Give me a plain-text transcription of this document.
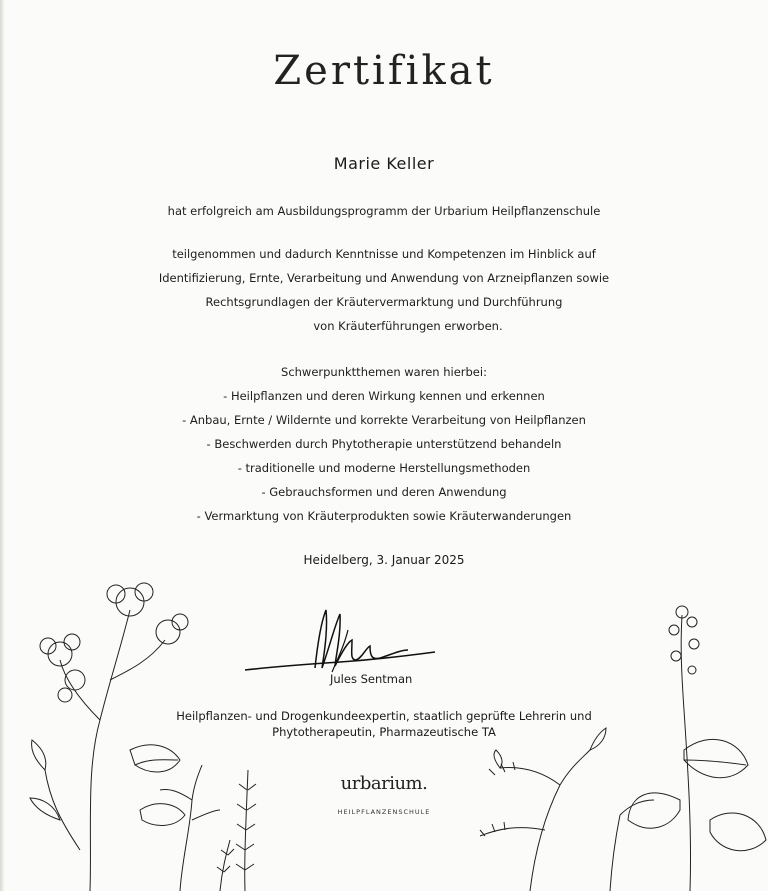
Zertifikat
Marie Keller
hat erfolgreich am Ausbildungsprogramm der Urbarium Heilpflanzenschule
teilgenommen und dadurch Kenntnisse und Kompetenzen im Hinblick auf
Identifizierung, Ernte, Verarbeitung und Anwendung von Arzneipflanzen sowie
Rechtsgrundlagen der Kräutervermarktung und Durchführung
von Kräuterführungen erworben.
Schwerpunktthemen waren hierbei:
- Heilpflanzen und deren Wirkung kennen und erkennen
- Anbau, Ernte / Wildernte und korrekte Verarbeitung von Heilpflanzen
- Beschwerden durch Phytotherapie unterstützend behandeln
- traditionelle und moderne Herstellungsmethoden
- Gebrauchsformen und deren Anwendung
- Vermarktung von Kräuterprodukten sowie Kräuterwanderungen
Heidelberg, 3. Januar 2025
Jules Sentman
Heilpflanzen- und Drogenkundeexpertin, staatlich geprüfte Lehrerin und
Phytotherapeutin, Pharmazeutische TA
urbarium.
HEILPFLANZENSCHULE
